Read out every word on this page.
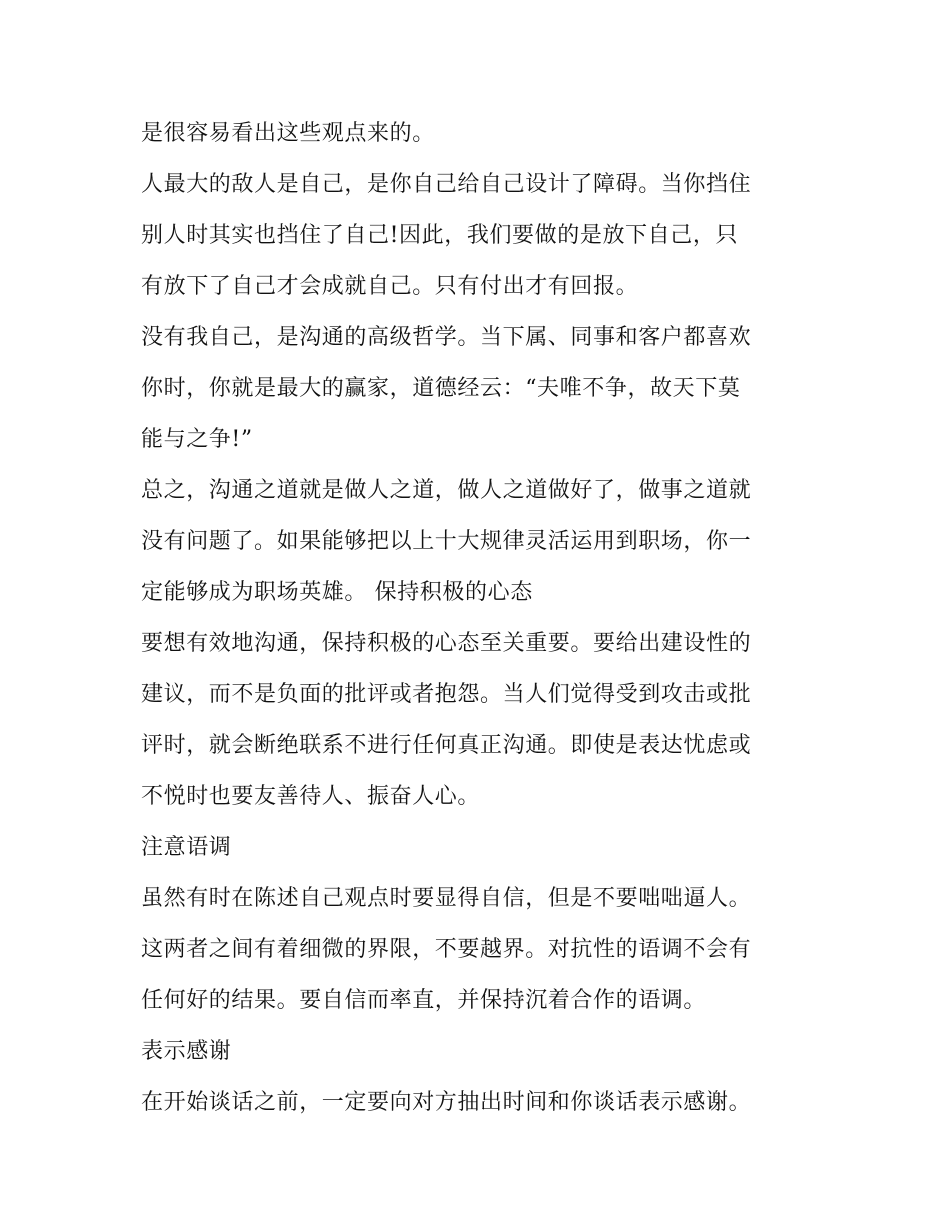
是很容易看出这些观点来的。
人最大的敌人是自己，是你自己给自己设计了障碍。当你挡住
别人时其实也挡住了自己!因此，我们要做的是放下自己，只
有放下了自己才会成就自己。只有付出才有回报。
没有我自己，是沟通的高级哲学。当下属、同事和客户都喜欢
你时，你就是最大的赢家，道德经云：“夫唯不争，故天下莫
能与之争!”
总之，沟通之道就是做人之道，做人之道做好了，做事之道就
没有问题了。如果能够把以上十大规律灵活运用到职场，你一
定能够成为职场英雄。 保持积极的心态
要想有效地沟通，保持积极的心态至关重要。要给出建设性的
建议，而不是负面的批评或者抱怨。当人们觉得受到攻击或批
评时，就会断绝联系不进行任何真正沟通。即使是表达忧虑或
不悦时也要友善待人、振奋人心。
注意语调
虽然有时在陈述自己观点时要显得自信，但是不要咄咄逼人。
这两者之间有着细微的界限，不要越界。对抗性的语调不会有
任何好的结果。要自信而率直，并保持沉着合作的语调。
表示感谢
在开始谈话之前，一定要向对方抽出时间和你谈话表示感谢。
